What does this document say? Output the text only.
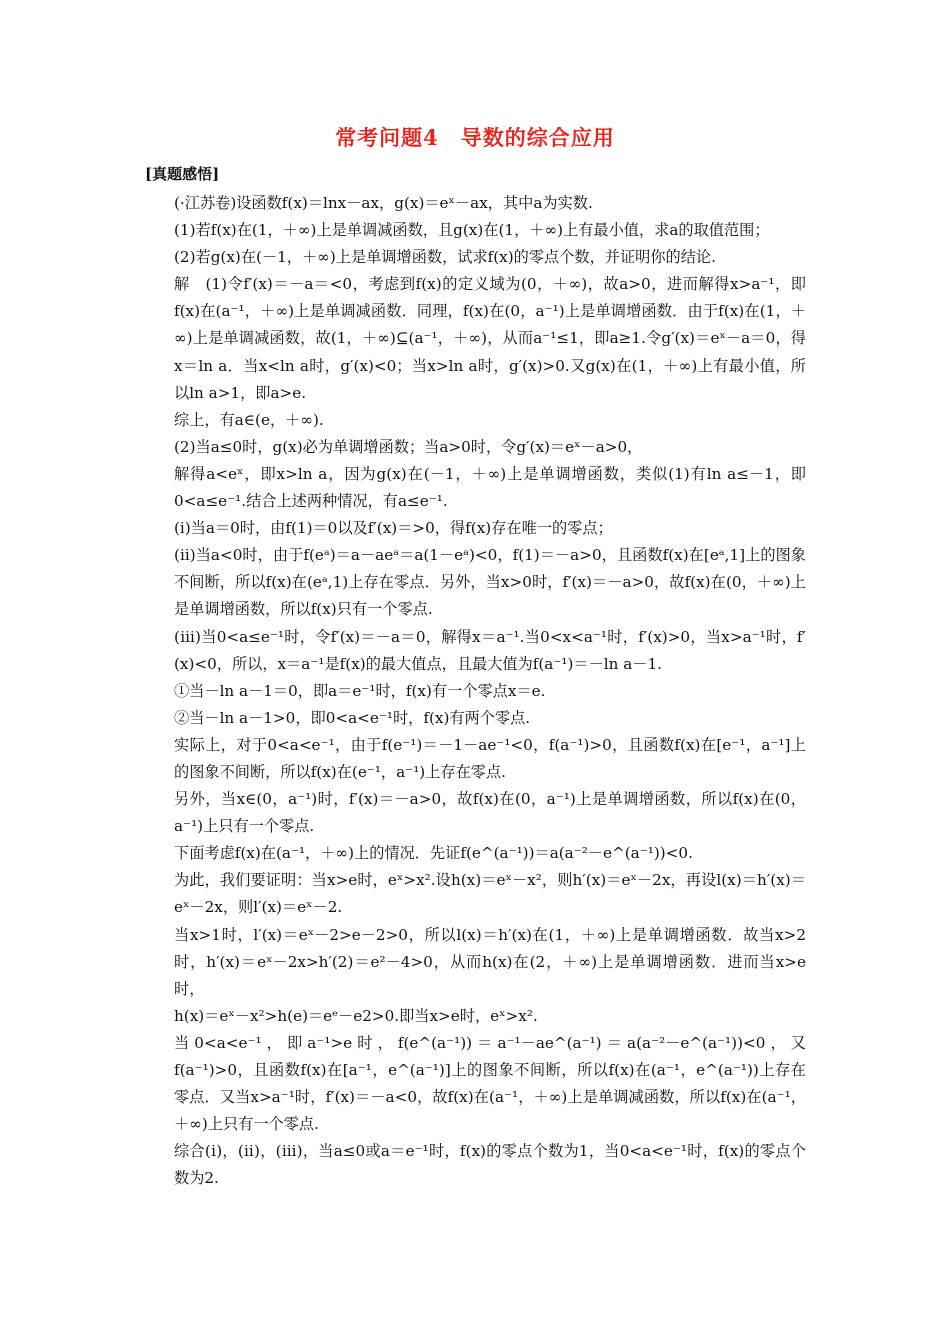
常考问题4　导数的综合应用
[真题感悟]

(·江苏卷)设函数f(x)＝lnx－ax，g(x)＝eˣ－ax，其中a为实数.

(1)若f(x)在(1，＋∞)上是单调减函数，且g(x)在(1，＋∞)上有最小值，求a的取值范围；

(2)若g(x)在(－1，＋∞)上是单调增函数，试求f(x)的零点个数，并证明你的结论.

解　(1)令f′(x)＝－a＝<0，考虑到f(x)的定义域为(0，＋∞)，故a>0，进而解得x>a⁻¹，即f(x)在(a⁻¹，＋∞)上是单调减函数．同理，f(x)在(0，a⁻¹)上是单调增函数．由于f(x)在(1，＋∞)上是单调减函数，故(1，＋∞)⊆(a⁻¹，＋∞)，从而a⁻¹≤1，即a≥1.令g′(x)＝eˣ－a＝0，得x＝ln a．当x<ln a时，g′(x)<0；当x>ln a时，g′(x)>0.又g(x)在(1，＋∞)上有最小值，所以ln a>1，即a>e.

综上，有a∈(e，＋∞).

(2)当a≤0时，g(x)必为单调增函数；当a>0时，令g′(x)＝eˣ－a>0，

解得a<eˣ，即x>ln a，因为g(x)在(－1，＋∞)上是单调增函数，类似(1)有ln a≤－1，即0<a≤e⁻¹.结合上述两种情况，有a≤e⁻¹.

(ⅰ)当a＝0时，由f(1)＝0以及f′(x)＝>0，得f(x)存在唯一的零点；

(ⅱ)当a<0时，由于f(eᵃ)＝a－aeᵃ＝a(1－eᵃ)<0，f(1)＝－a>0，且函数f(x)在[eᵃ,1]上的图象不间断，所以f(x)在(eᵃ,1)上存在零点．另外，当x>0时，f′(x)＝－a>0，故f(x)在(0，＋∞)上是单调增函数，所以f(x)只有一个零点.

(ⅲ)当0<a≤e⁻¹时，令f′(x)＝－a＝0，解得x＝a⁻¹.当0<x<a⁻¹时，f′(x)>0，当x>a⁻¹时，f′(x)<0，所以，x＝a⁻¹是f(x)的最大值点，且最大值为f(a⁻¹)＝－ln a－1.

①当－ln a－1＝0，即a＝e⁻¹时，f(x)有一个零点x＝e.

②当－ln a－1>0，即0<a<e⁻¹时，f(x)有两个零点.

实际上，对于0<a<e⁻¹，由于f(e⁻¹)＝－1－ae⁻¹<0，f(a⁻¹)>0，且函数f(x)在[e⁻¹，a⁻¹]上的图象不间断，所以f(x)在(e⁻¹，a⁻¹)上存在零点.

另外，当x∈(0，a⁻¹)时，f′(x)＝－a>0，故f(x)在(0，a⁻¹)上是单调增函数，所以f(x)在(0，a⁻¹)上只有一个零点.

下面考虑f(x)在(a⁻¹，＋∞)上的情况．先证f(e^(a⁻¹))＝a(a⁻²－e^(a⁻¹))<0.

为此，我们要证明：当x>e时，eˣ>x².设h(x)＝eˣ－x²，则h′(x)＝eˣ－2x，再设l(x)＝h′(x)＝eˣ－2x，则l′(x)＝eˣ－2.

当x>1时，l′(x)＝eˣ－2>e－2>0，所以l(x)＝h′(x)在(1，＋∞)上是单调增函数．故当x>2时，h′(x)＝eˣ－2x>h′(2)＝e²－4>0，从而h(x)在(2，＋∞)上是单调增函数．进而当x>e时，

h(x)＝eˣ－x²>h(e)＝eᵉ－e2>0.即当x>e时，eˣ>x².

当0<a<e⁻¹，即a⁻¹>e时，f(e^(a⁻¹))＝a⁻¹－ae^(a⁻¹)＝a(a⁻²－e^(a⁻¹))<0，又f(a⁻¹)>0，且函数f(x)在[a⁻¹，e^(a⁻¹)]上的图象不间断，所以f(x)在(a⁻¹，e^(a⁻¹))上存在零点．又当x>a⁻¹时，f′(x)＝－a<0，故f(x)在(a⁻¹，＋∞)上是单调减函数，所以f(x)在(a⁻¹，＋∞)上只有一个零点.

综合(ⅰ)，(ⅱ)，(ⅲ)，当a≤0或a＝e⁻¹时，f(x)的零点个数为1，当0<a<e⁻¹时，f(x)的零点个数为2.
